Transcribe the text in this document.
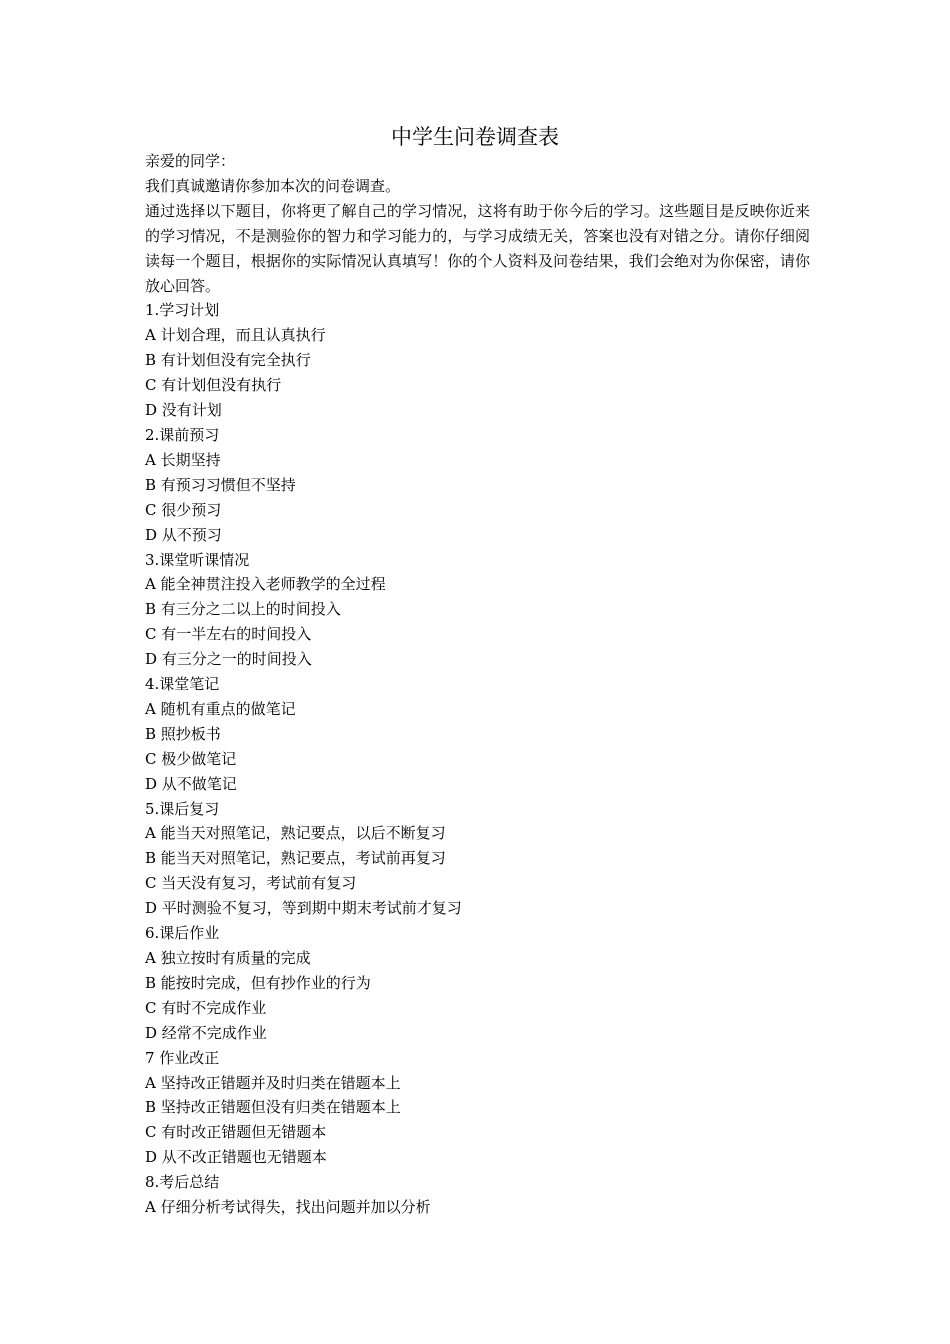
中学生问卷调查表

亲爱的同学：

我们真诚邀请你参加本次的问卷调查。

通过选择以下题目，你将更了解自己的学习情况，这将有助于你今后的学习。这些题目是反映你近来的学习情况，不是测验你的智力和学习能力的，与学习成绩无关，答案也没有对错之分。请你仔细阅读每一个题目，根据你的实际情况认真填写！你的个人资料及问卷结果，我们会绝对为你保密，请你放心回答。

1.学习计划

A 计划合理，而且认真执行

B 有计划但没有完全执行

C 有计划但没有执行

D 没有计划

2.课前预习

A 长期坚持

B 有预习习惯但不坚持

C 很少预习

D 从不预习

3.课堂听课情况

A 能全神贯注投入老师教学的全过程

B 有三分之二以上的时间投入

C 有一半左右的时间投入

D 有三分之一的时间投入

4.课堂笔记

A 随机有重点的做笔记

B 照抄板书

C 极少做笔记

D 从不做笔记

5.课后复习

A 能当天对照笔记，熟记要点，以后不断复习

B 能当天对照笔记，熟记要点，考试前再复习

C 当天没有复习，考试前有复习

D 平时测验不复习，等到期中期末考试前才复习

6.课后作业

A 独立按时有质量的完成

B 能按时完成，但有抄作业的行为

C 有时不完成作业

D 经常不完成作业

7 作业改正

A 坚持改正错题并及时归类在错题本上

B 坚持改正错题但没有归类在错题本上

C 有时改正错题但无错题本

D 从不改正错题也无错题本

8.考后总结

A 仔细分析考试得失，找出问题并加以分析
